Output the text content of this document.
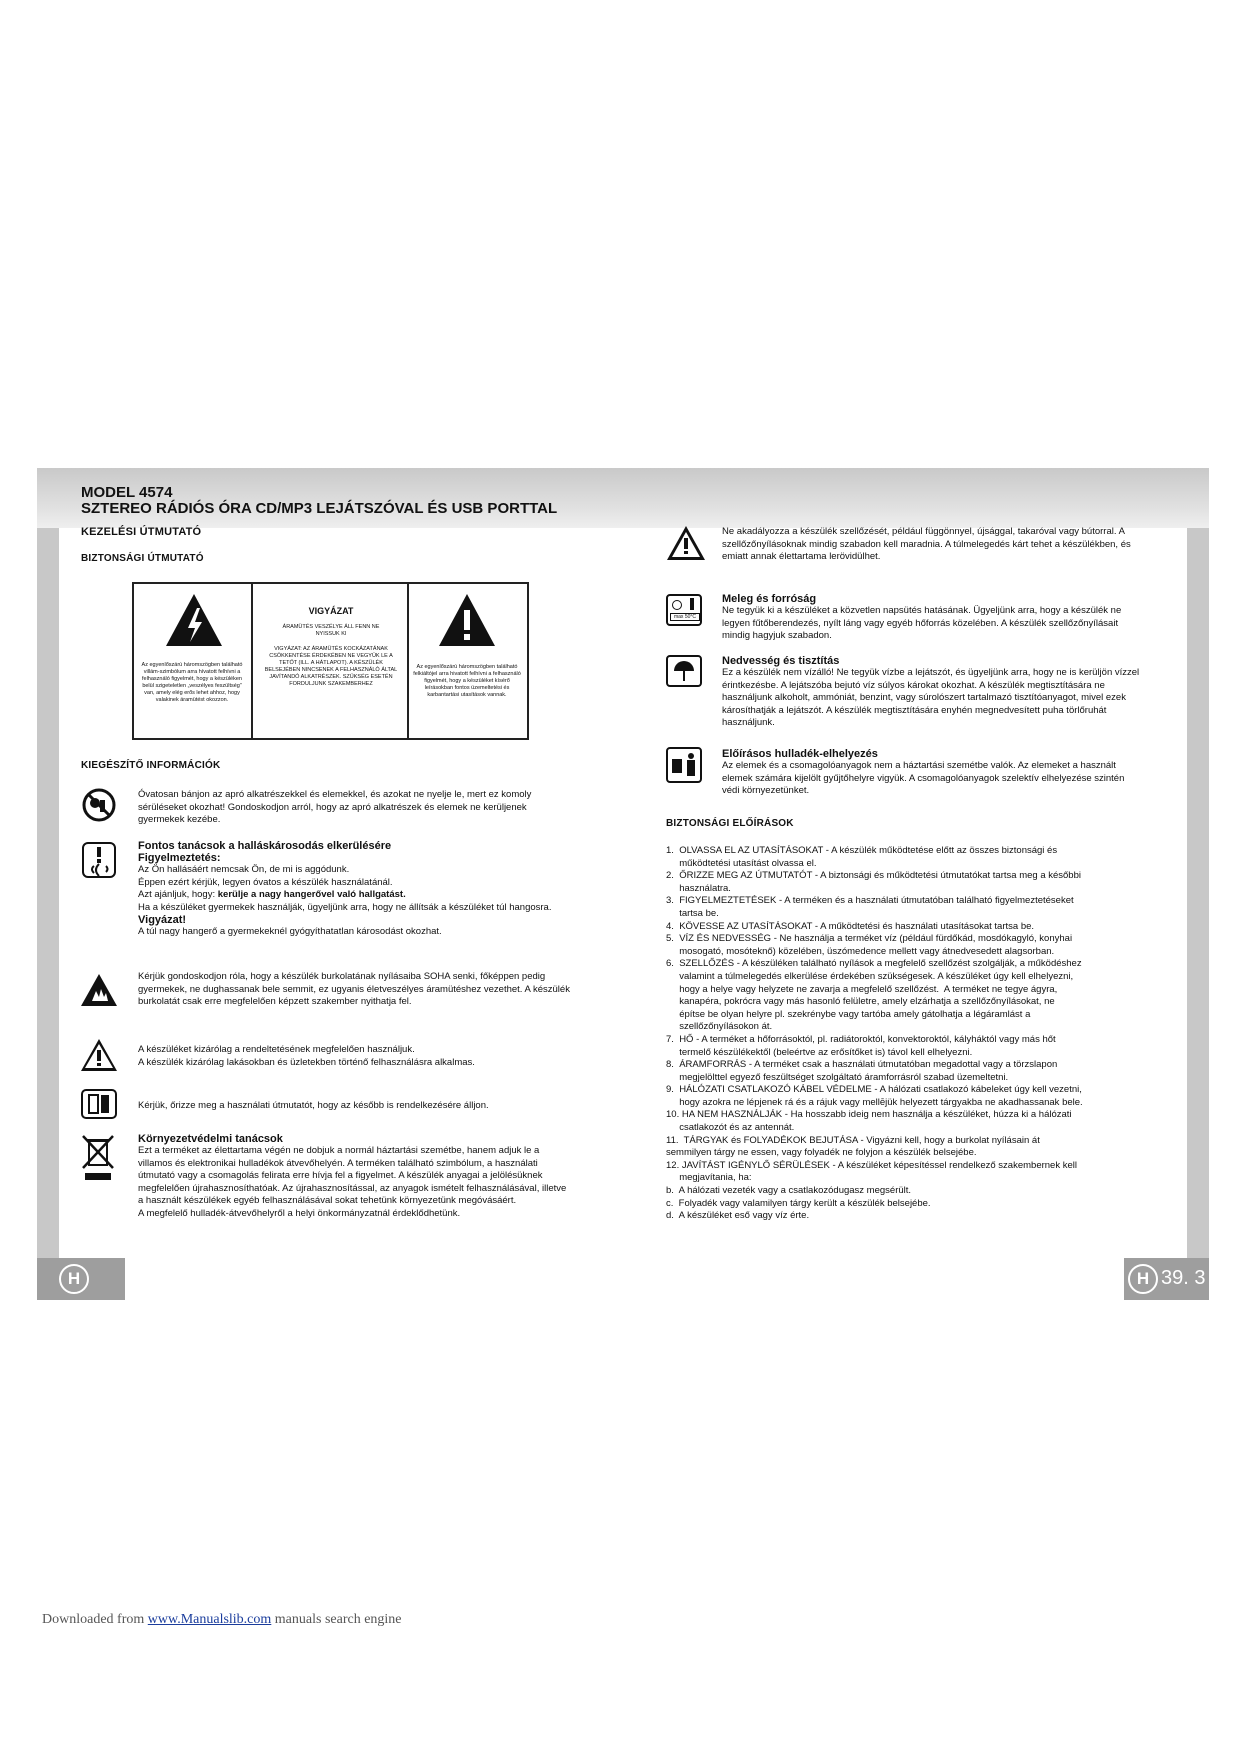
H	H 39. 3
MODEL 4574
SZTEREO RÁDIÓS ÓRA CD/MP3 LEJÁTSZÓVAL ÉS USB PORTTAL
KEZELÉSI ÚTMUTATÓ
BIZTONSÁGI ÚTMUTATÓ
Az egyenlőszárú háromszögben található villám-szimbólum arra hívatott felhívni a felhasználó figyelmét, hogy a készüléken belül szigeteletlen „veszélyes feszültség” van, amely elég erős lehet ahhoz, hogy valakinek áramütést okozzon.
VIGYÁZAT
ÁRAMÜTÉS VESZÉLYE ÁLL FENN NE NYISSUK KI
VIGYÁZAT: AZ ÁRAMÜTÉS KOCKÁZATÁNAK CSÖKKENTÉSE ÉRDEKÉBEN NE VEGYÜK LE A TETŐT (ILL. A HÁTLAPOT). A KÉSZÜLÉK BELSEJÉBEN NINCSENEK A FELHASZNÁLÓ ÁLTAL JAVÍTANDÓ ALKATRÉSZEK. SZÜKSÉG ESETÉN FORDULJUNK SZAKEMBERHEZ
Az egyenlőszárú háromszögben található felkiáltójel arra hivatott felhívni a felhasználó figyelmét, hogy a készüléket kísérő leírásokban fontos üzemeltetési és karbantartási utasítások vannak.
KIEGÉSZÍTŐ INFORMÁCIÓK
Óvatosan bánjon az apró alkatrészekkel és elemekkel, és azokat ne nyelje le, mert ez komoly sérüléseket okozhat! Gondoskodjon arról, hogy az apró alkatrészek és elemek ne kerüljenek gyermekek kezébe.
Fontos tanácsok a halláskárosodás elkerülésére
Figyelmeztetés:
Az Ön hallásáért nemcsak Ön, de mi is aggódunk.
Éppen ezért kérjük, legyen óvatos a készülék használatánál.
Azt ajánljuk, hogy: kerülje a nagy hangerővel való hallgatást.
Ha a készüléket gyermekek használják, ügyeljünk arra, hogy ne állítsák a készüléket túl hangosra.
Vigyázat!
A túl nagy hangerő a gyermekeknél gyógyíthatatlan károsodást okozhat.
Kérjük gondoskodjon róla, hogy a készülék burkolatának nyílásaiba SOHA senki, főképpen pedig gyermekek, ne dughassanak bele semmit, ez ugyanis életveszélyes áramütéshez vezethet. A készülék burkolatát csak erre megfelelően képzett szakember nyithatja fel.
A készüléket kizárólag a rendeltetésének megfelelően használjuk.
A készülék kizárólag lakásokban és üzletekben történő felhasználásra alkalmas.
Kérjük, őrizze meg a használati útmutatót, hogy az később is rendelkezésére álljon.
Környezetvédelmi tanácsok
Ezt a terméket az élettartama végén ne dobjuk a normál háztartási szemétbe, hanem adjuk le a villamos és elektronikai hulladékok átvevőhelyén. A terméken található szimbólum, a használati útmutató vagy a csomagolás felirata erre hívja fel a figyelmet. A készülék anyagai a jelölésüknek megfelelően újrahasznosíthatóak. Az újrahasznosítással, az anyagok ismételt felhasználásával, illetve a használt készülékek egyéb felhasználásával sokat tehetünk környezetünk megóvásáért.
A megfelelő hulladék-átvevőhelyről a helyi önkormányzatnál érdeklődhetünk.
Ne akadályozza a készülék szellőzését, például függönnyel, újsággal, takaróval vagy bútorral. A szellőzőnyílásoknak mindig szabadon kell maradnia. A túlmelegedés kárt tehet a készülékben, és emiatt annak élettartama lerövidülhet.
max 50°C
Meleg és forróság
Ne tegyük ki a készüléket a közvetlen napsütés hatásának. Ügyeljünk arra, hogy a készülék ne legyen fűtőberendezés, nyílt láng vagy egyéb hőforrás közelében. A készülék szellőzőnyílásait mindig hagyjuk szabadon.
Nedvesség és tisztítás
Ez a készülék nem vízálló! Ne tegyük vízbe a lejátszót, és ügyeljünk arra, hogy ne is kerüljön vízzel érintkezésbe. A lejátszóba bejutó víz súlyos károkat okozhat. A készülék megtisztítására ne használjunk alkoholt, ammóniát, benzint, vagy súrolószert tartalmazó tisztítóanyagot, mivel ezek károsíthatják a lejátszót. A készülék megtisztítására enyhén megnedvesített puha törlőruhát használjunk.
Előírásos hulladék-elhelyezés
Az elemek és a csomagolóanyagok nem a háztartási szemétbe valók. Az elemeket a használt elemek számára kijelölt gyűjtőhelyre vigyük. A csomagolóanyagok szelektív elhelyezése szintén védi környezetünket.
BIZTONSÁGI ELŐÍRÁSOK
1.  OLVASSA EL AZ UTASÍTÁSOKAT - A készülék működtetése előtt az összes biztonsági és
működtetési utasítást olvassa el.
2.  ŐRIZZE MEG AZ ÚTMUTATÓT - A biztonsági és működtetési útmutatókat tartsa meg a későbbi
használatra.
3.  FIGYELMEZTETÉSEK - A terméken és a használati útmutatóban található figyelmeztetéseket
tartsa be.
4.  KÖVESSE AZ UTASÍTÁSOKAT - A működtetési és használati utasításokat tartsa be.
5.  VÍZ ÉS NEDVESSÉG - Ne használja a terméket víz (például fürdőkád, mosdókagyló, konyhai
mosogató, mosóteknő) közelében, üszómedence mellett vagy átnedvesedett alagsorban.
6.  SZELLŐZÉS - A készüléken található nyílások a megfelelő szellőzést szolgálják, a működéshez
valamint a túlmelegedés elkerülése érdekében szükségesek. A készüléket úgy kell elhelyezni,
hogy a helye vagy helyzete ne zavarja a megfelelő szellőzést.  A terméket ne tegye ágyra,
kanapéra, pokrócra vagy más hasonló felületre, amely elzárhatja a szellőzőnyílásokat, ne
építse be olyan helyre pl. szekrénybe vagy tartóba amely gátolhatja a légáramlást a
szellőzőnyílásokon át.
7.  HŐ - A terméket a hőforrásoktól, pl. radiátoroktól, konvektoroktól, kályháktól vagy más hőt
termelő készülékektől (beleértve az erősítőket is) távol kell elhelyezni.
8.  ÁRAMFORRÁS - A terméket csak a használati útmutatóban megadottal vagy a törzslapon
megjelölttel egyező feszültséget szolgáltató áramforrásról szabad üzemeltetni.
9.  HÁLÓZATI CSATLAKOZÓ KÁBEL VÉDELME - A hálózati csatlakozó kábeleket úgy kell vezetni,
hogy azokra ne lépjenek rá és a rájuk vagy mellējük helyezett tárgyakba ne akadhassanak bele.
10. HA NEM HASZNÁLJÁK - Ha hosszabb ideig nem használja a készüléket, húzza ki a hálózati
csatlakozót és az antennát.
11.  TÁRGYAK és FOLYADÉKOK BEJUTÁSA - Vigyázni kell, hogy a burkolat nyílásain át
semmilyen tárgy ne essen, vagy folyadék ne folyjon a készülék belsejébe.
12. JAVÍTÁST IGÉNYLŐ SÉRÜLÉSEK - A készüléket képesítéssel rendelkező szakembernek kell
megjavítania, ha:
b.  A hálózati vezeték vagy a csatlakozódugasz megsérült.
c.  Folyadék vagy valamilyen tárgy került a készülék belsejébe.
d.  A készüléket eső vagy víz érte.
Downloaded from www.Manualslib.com manuals search engine
